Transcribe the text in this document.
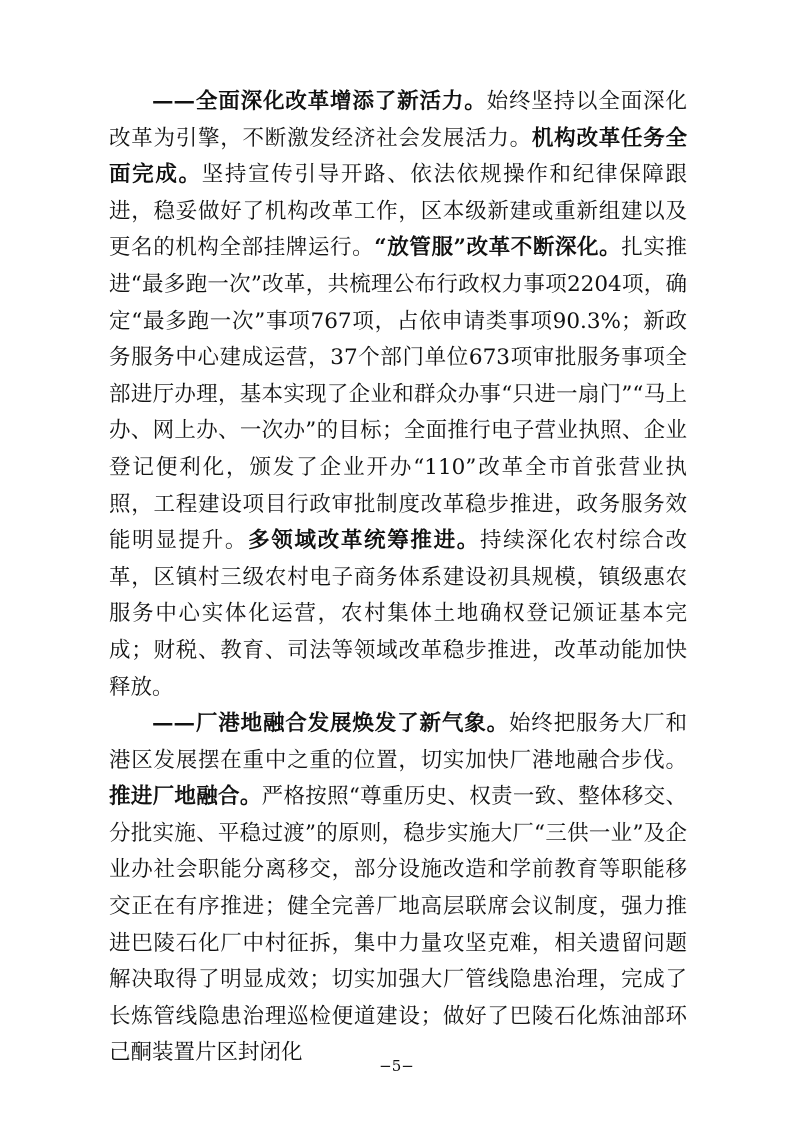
——全面深化改革增添了新活力。始终坚持以全面深化改革为引擎，不断激发经济社会发展活力。机构改革任务全面完成。坚持宣传引导开路、依法依规操作和纪律保障跟进，稳妥做好了机构改革工作，区本级新建或重新组建以及更名的机构全部挂牌运行。“放管服”改革不断深化。扎实推进“最多跑一次”改革，共梳理公布行政权力事项2204项，确定“最多跑一次”事项767项，占依申请类事项90.3%；新政务服务中心建成运营，37个部门单位673项审批服务事项全部进厅办理，基本实现了企业和群众办事“只进一扇门”“马上办、网上办、一次办”的目标；全面推行电子营业执照、企业登记便利化，颁发了企业开办“110”改革全市首张营业执照，工程建设项目行政审批制度改革稳步推进，政务服务效能明显提升。多领域改革统筹推进。持续深化农村综合改革，区镇村三级农村电子商务体系建设初具规模，镇级惠农服务中心实体化运营，农村集体土地确权登记颁证基本完成；财税、教育、司法等领域改革稳步推进，改革动能加快释放。

——厂港地融合发展焕发了新气象。始终把服务大厂和港区发展摆在重中之重的位置，切实加快厂港地融合步伐。推进厂地融合。严格按照“尊重历史、权责一致、整体移交、分批实施、平稳过渡”的原则，稳步实施大厂“三供一业”及企业办社会职能分离移交，部分设施改造和学前教育等职能移交正在有序推进；健全完善厂地高层联席会议制度，强力推进巴陵石化厂中村征拆，集中力量攻坚克难，相关遗留问题解决取得了明显成效；切实加强大厂管线隐患治理，完成了长炼管线隐患治理巡检便道建设；做好了巴陵石化炼油部环己酮装置片区封闭化

−5−
